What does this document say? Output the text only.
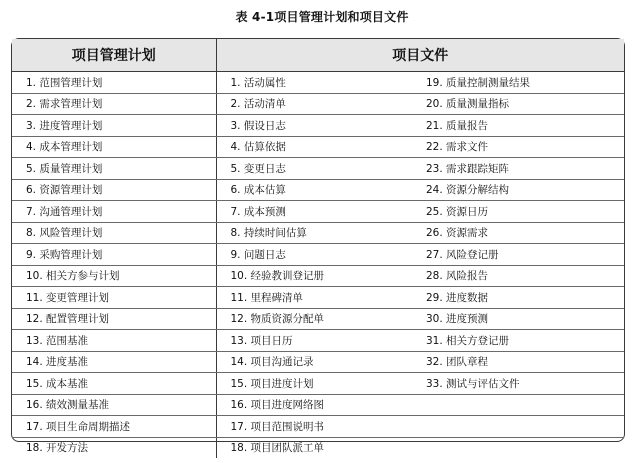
表 4-1项目管理计划和项目文件
项目管理计划	项目文件	
1. 范围管理计划	1. 活动属性	19. 质量控制测量结果
2. 需求管理计划	2. 活动清单	20. 质量测量指标
3. 进度管理计划	3. 假设日志	21. 质量报告
4. 成本管理计划	4. 估算依据	22. 需求文件
5. 质量管理计划	5. 变更日志	23. 需求跟踪矩阵
6. 资源管理计划	6. 成本估算	24. 资源分解结构
7. 沟通管理计划	7. 成本预测	25. 资源日历
8. 风险管理计划	8. 持续时间估算	26. 资源需求
9. 采购管理计划	9. 问题日志	27. 风险登记册
10. 相关方参与计划	10. 经验教训登记册	28. 风险报告
11. 变更管理计划	11. 里程碑清单	29. 进度数据
12. 配置管理计划	12. 物质资源分配单	30. 进度预测
13. 范围基准	13. 项目日历	31. 相关方登记册
14. 进度基准	14. 项目沟通记录	32. 团队章程
15. 成本基准	15. 项目进度计划	33. 测试与评估文件
16. 绩效测量基准	16. 项目进度网络图	
17. 项目生命周期描述	17. 项目范围说明书	
18. 开发方法	18. 项目团队派工单	
